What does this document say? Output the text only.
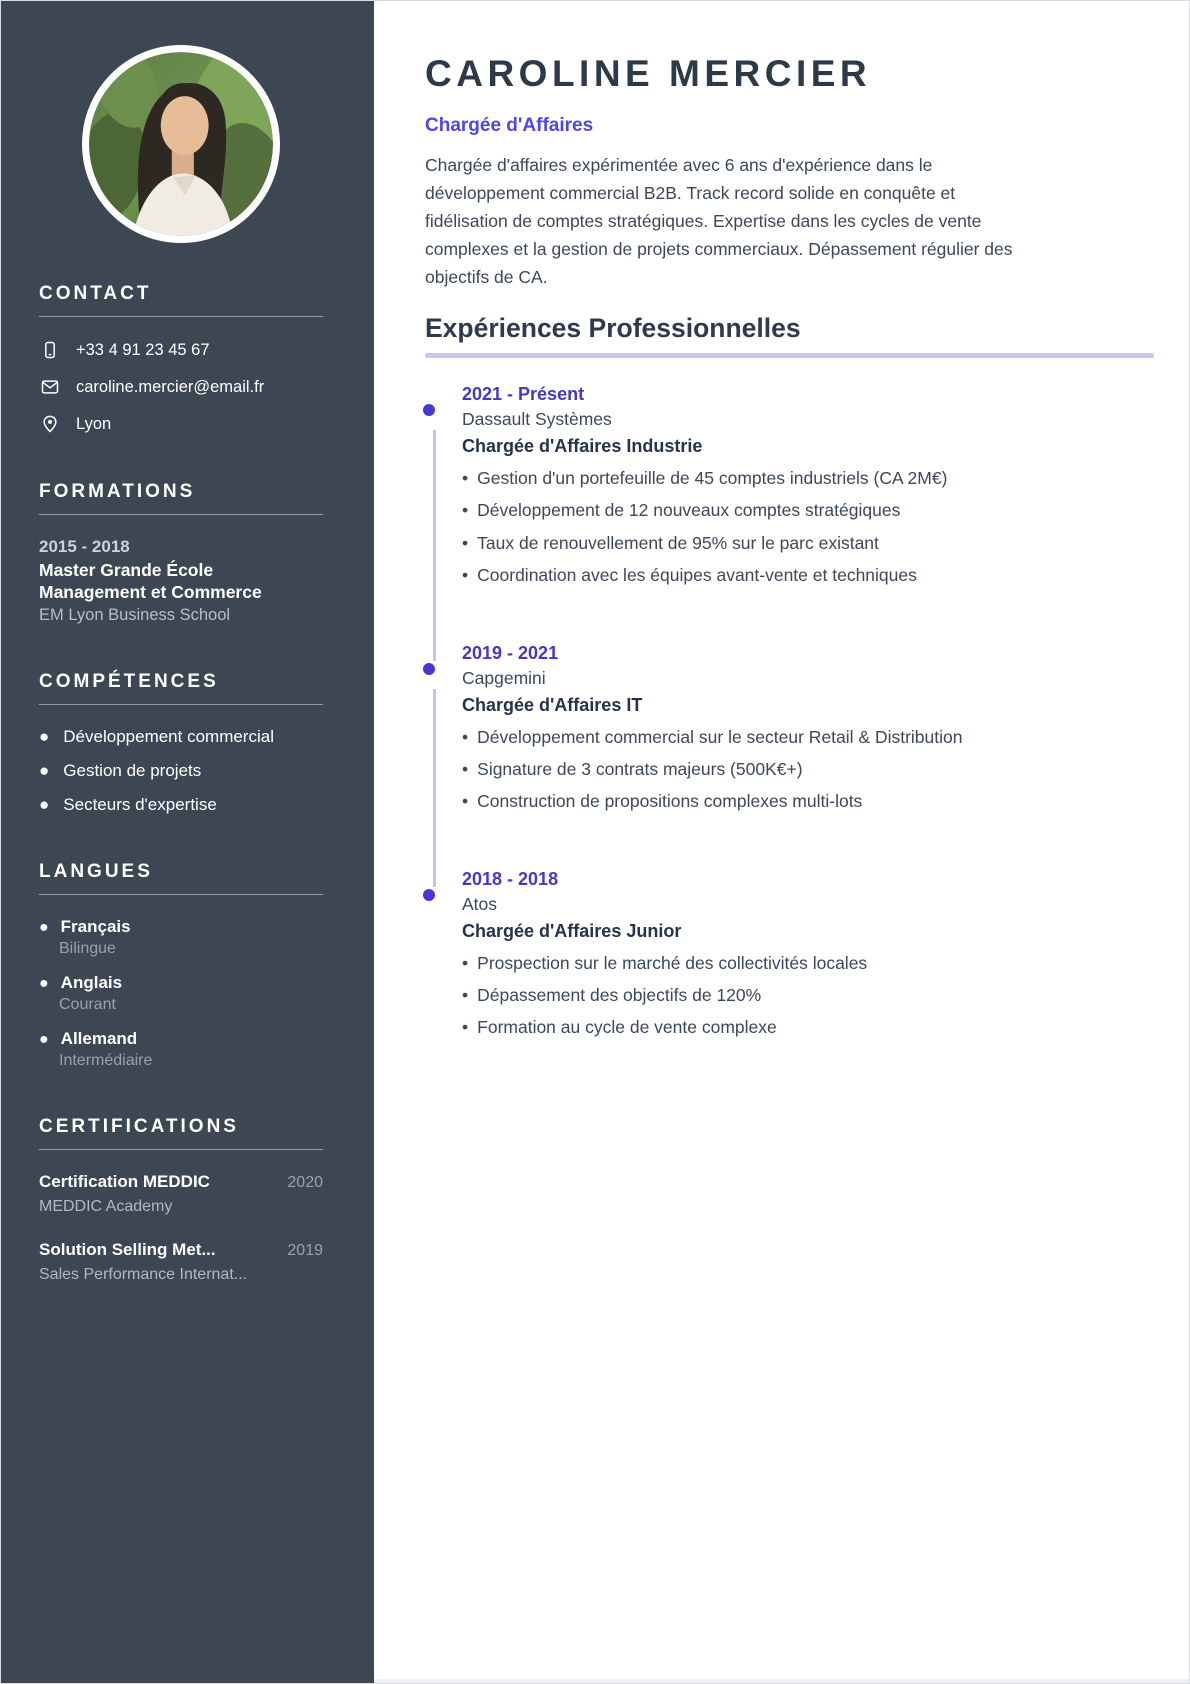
CONTACT
+33 4 91 23 45 67
caroline.mercier@email.fr
Lyon
FORMATIONS
2015 - 2018
Master Grande École Management et Commerce
EM Lyon Business School
COMPÉTENCES
● Développement commercial
● Gestion de projets
● Secteurs d'expertise
LANGUES
● Français
Bilingue
● Anglais
Courant
● Allemand
Intermédiaire
CERTIFICATIONS
Certification MEDDIC	2020
MEDDIC Academy
Solution Selling Met...	2019
Sales Performance Internat...
CAROLINE MERCIER
Chargée d'Affaires

Chargée d'affaires expérimentée avec 6 ans d'expérience dans le développement commercial B2B. Track record solide en conquête et fidélisation de comptes stratégiques. Expertise dans les cycles de vente complexes et la gestion de projets commerciaux. Dépassement régulier des objectifs de CA.

Expériences Professionnelles
2021 - Présent
Dassault Systèmes
Chargée d'Affaires Industrie
• Gestion d'un portefeuille de 45 comptes industriels (CA 2M€)
• Développement de 12 nouveaux comptes stratégiques
• Taux de renouvellement de 95% sur le parc existant
• Coordination avec les équipes avant-vente et techniques
2019 - 2021
Capgemini
Chargée d'Affaires IT
• Développement commercial sur le secteur Retail & Distribution
• Signature de 3 contrats majeurs (500K€+)
• Construction de propositions complexes multi-lots
2018 - 2018
Atos
Chargée d'Affaires Junior
• Prospection sur le marché des collectivités locales
• Dépassement des objectifs de 120%
• Formation au cycle de vente complexe
